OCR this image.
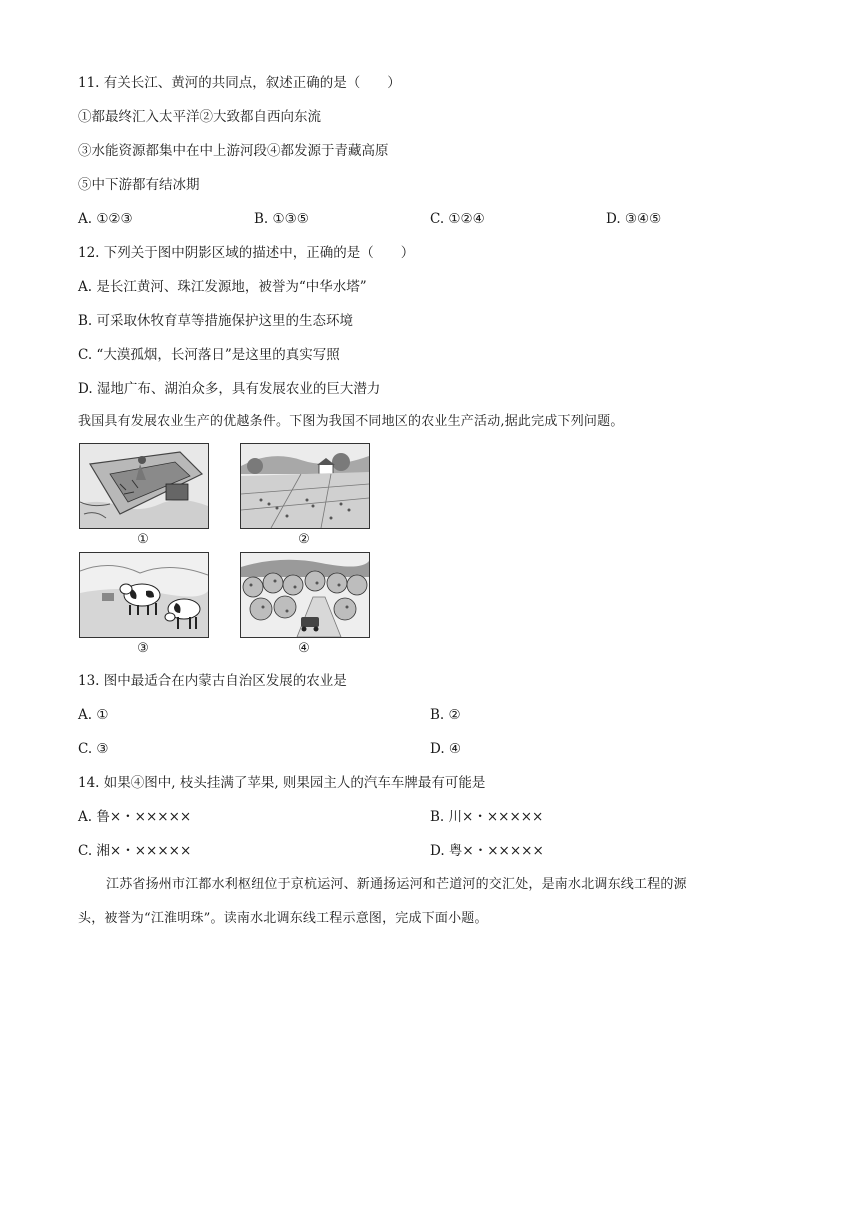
11. 有关长江、黄河的共同点，叙述正确的是（　　）
①都最终汇入太平洋②大致都自西向东流
③水能资源都集中在中上游河段④都发源于青藏高原
⑤中下游都有结冰期
A. ①②③	B. ①③⑤	C. ①②④	D. ③④⑤
12. 下列关于图中阴影区域的描述中，正确的是（　　）
A. 是长江黄河、珠江发源地，被誉为“中华水塔”
B. 可采取休牧育草等措施保护这里的生态环境
C. “大漠孤烟，长河落日”是这里的真实写照
D. 湿地广布、湖泊众多，具有发展农业的巨大潜力
我国具有发展农业生产的优越条件。下图为我国不同地区的农业生产活动,据此完成下列问题。
①	②
③	④
13. 图中最适合在内蒙古自治区发展的农业是
A. ①	B. ②
C. ③	D. ④
14. 如果④图中, 枝头挂满了苹果, 则果园主人的汽车车牌最有可能是
A. 鲁×・×××××	B. 川×・×××××
C. 湘×・×××××	D. 粤×・×××××
江苏省扬州市江都水利枢纽位于京杭运河、新通扬运河和芒道河的交汇处，是南水北调东线工程的源
头，被誉为“江淮明珠”。读南水北调东线工程示意图，完成下面小题。
